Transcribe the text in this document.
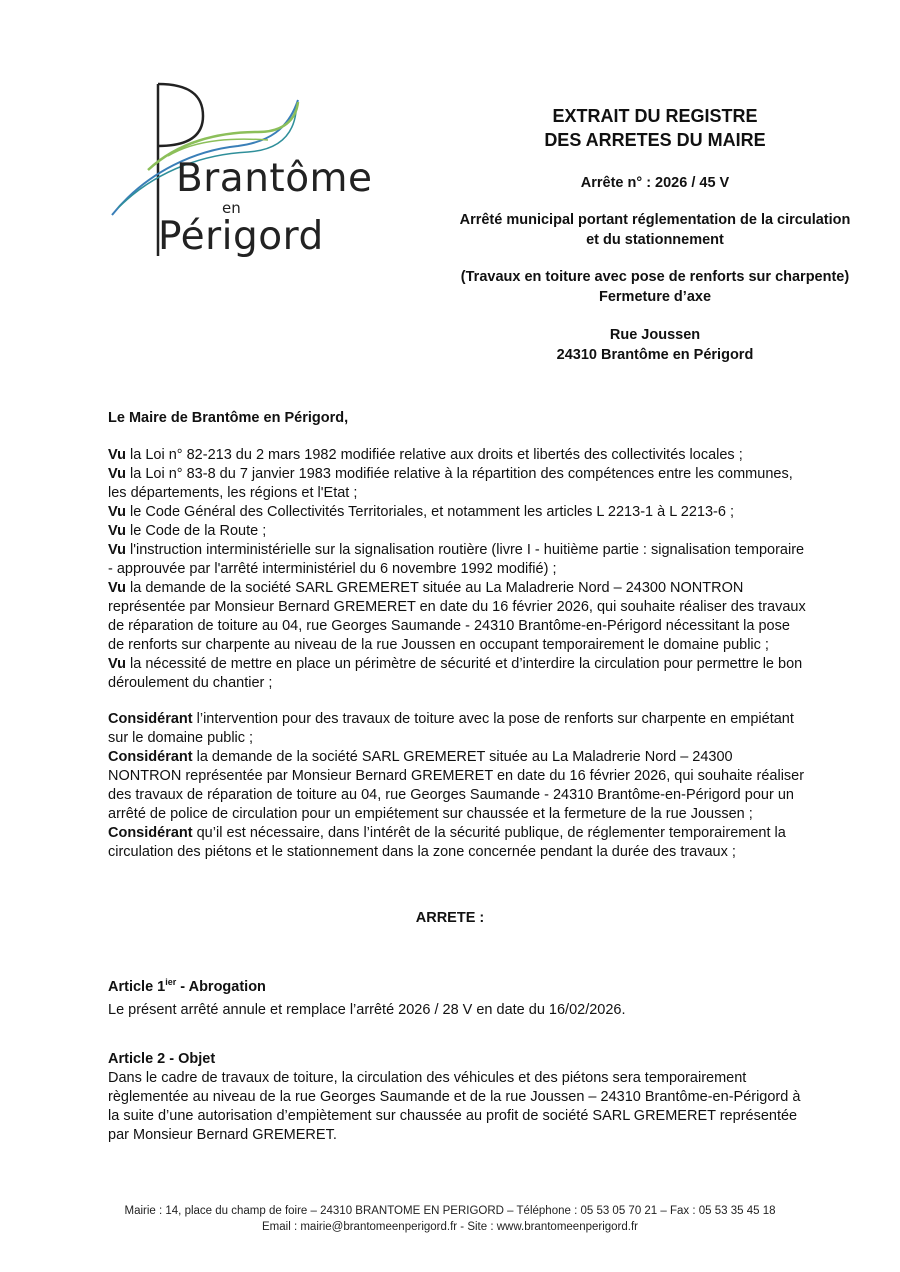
Brantôme
en
Périgord
EXTRAIT DU REGISTRE
DES ARRETES DU MAIRE
Arrête n° : 2026 / 45 V
Arrêté municipal portant réglementation de la circulation
et du stationnement
(Travaux en toiture avec pose de renforts sur charpente)
Fermeture d’axe
Rue Joussen
24310 Brantôme en Périgord
Le Maire de Brantôme en Périgord,

Vu la Loi n° 82-213 du 2 mars 1982 modifiée relative aux droits et libertés des collectivités locales ;

Vu la Loi n° 83-8 du 7 janvier 1983 modifiée relative à la répartition des compétences entre les communes, les départements, les régions et l'Etat ;

Vu le Code Général des Collectivités Territoriales, et notamment les articles L 2213-1 à L 2213-6 ;

Vu le Code de la Route ;

Vu l'instruction interministérielle sur la signalisation routière (livre I - huitième partie : signalisation temporaire - approuvée par l'arrêté interministériel du 6 novembre 1992 modifié) ;

Vu la demande de la société SARL GREMERET située au La Maladrerie Nord – 24300 NONTRON représentée par Monsieur Bernard GREMERET en date du 16 février 2026, qui souhaite réaliser des travaux de réparation de toiture au 04, rue Georges Saumande - 24310 Brantôme-en-Périgord nécessitant la pose de renforts sur charpente au niveau de la rue Joussen en occupant temporairement le domaine public ;

Vu la nécessité de mettre en place un périmètre de sécurité et d’interdire la circulation pour permettre le bon déroulement du chantier ;

Considérant l’intervention pour des travaux de toiture avec la pose de renforts sur charpente en empiétant sur le domaine public ;

Considérant la demande de la société SARL GREMERET située au La Maladrerie Nord – 24300 NONTRON représentée par Monsieur Bernard GREMERET en date du 16 février 2026, qui souhaite réaliser des travaux de réparation de toiture au 04, rue Georges Saumande - 24310 Brantôme-en-Périgord pour un arrêté de police de circulation pour un empiétement sur chaussée et la fermeture de la rue Joussen ;

Considérant qu’il est nécessaire, dans l’intérêt de la sécurité publique, de réglementer temporairement la circulation des piétons et le stationnement dans la zone concernée pendant la durée des travaux ;

ARRETE :

Article $1^{ier}$ - Abrogation

Le présent arrêté annule et remplace l’arrêté 2026 / 28 V en date du 16/02/2026.

Article 2 - Objet

Dans le cadre de travaux de toiture, la circulation des véhicules et des piétons sera temporairement règlementée au niveau de la rue Georges Saumande et de la rue Joussen – 24310 Brantôme-en-Périgord à la suite d’une autorisation d’empiètement sur chaussée au profit de société SARL GREMERET représentée par Monsieur Bernard GREMERET.

Mairie : 14, place du champ de foire – 24310 BRANTOME EN PERIGORD – Téléphone : 05 53 05 70 21 – Fax : 05 53 35 45 18
Email : mairie@brantomeenperigord.fr - Site : www.brantomeenperigord.fr
